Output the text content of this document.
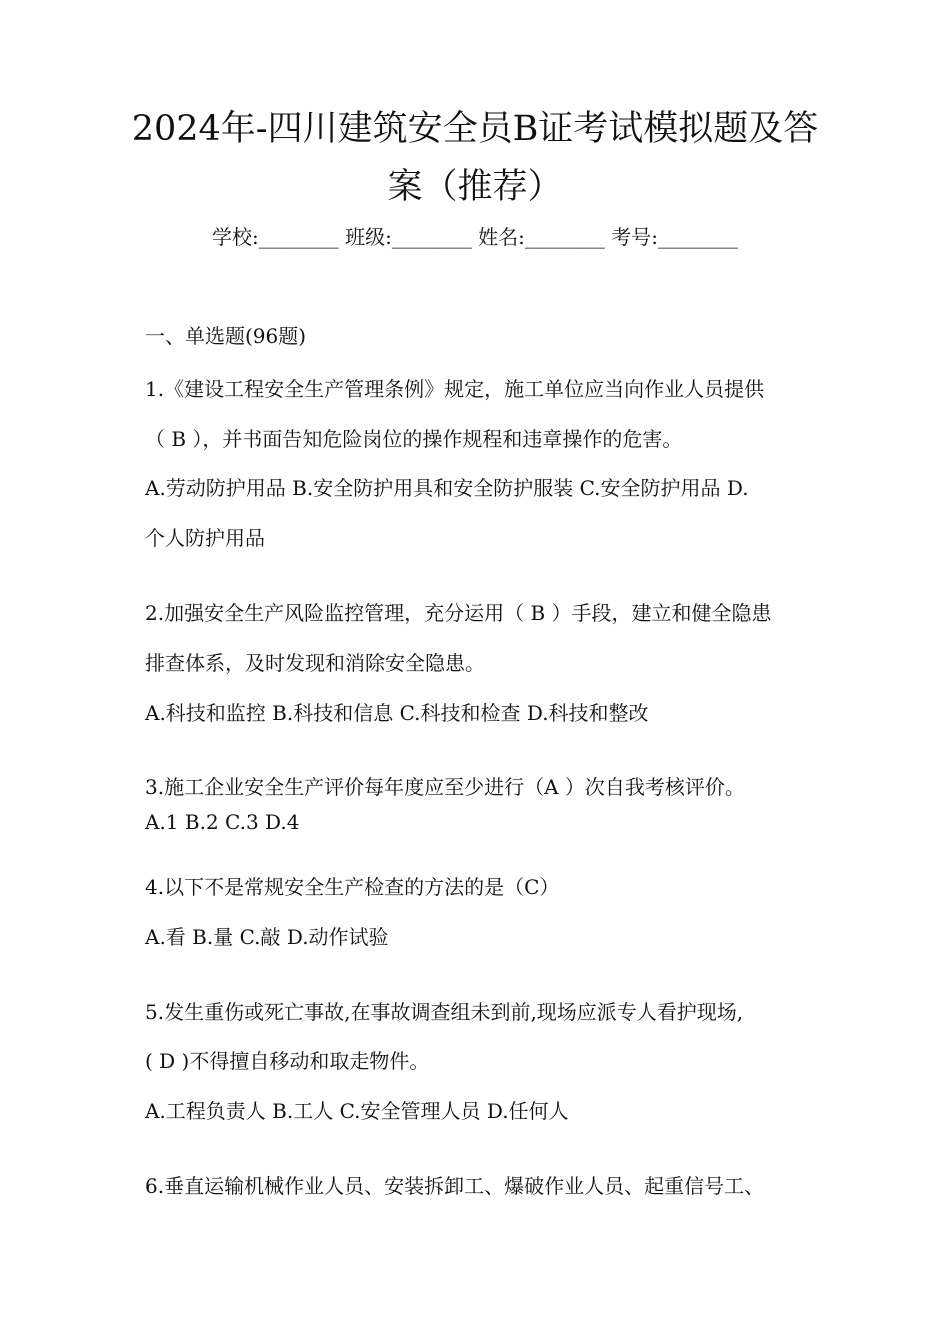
2024年-四川建筑安全员B证考试模拟题及答案（推荐）
学校:________ 班级:________ 姓名:________ 考号:________
一、单选题(96题)
1.《建设工程安全生产管理条例》规定，施工单位应当向作业人员提供
（ B ），并书面告知危险岗位的操作规程和违章操作的危害。
A.劳动防护用品 B.安全防护用具和安全防护服装 C.安全防护用品 D.
个人防护用品
2.加强安全生产风险监控管理，充分运用（ B ）手段，建立和健全隐患
排查体系，及时发现和消除安全隐患。
A.科技和监控 B.科技和信息 C.科技和检查 D.科技和整改
3.施工企业安全生产评价每年度应至少进行（A ）次自我考核评价。
A.1 B.2 C.3 D.4
4.以下不是常规安全生产检查的方法的是（C）
A.看 B.量 C.敲 D.动作试验
5.发生重伤或死亡事故,在事故调查组未到前,现场应派专人看护现场,
( D )不得擅自移动和取走物件。
A.工程负责人 B.工人 C.安全管理人员 D.任何人
6.垂直运输机械作业人员、安装拆卸工、爆破作业人员、起重信号工、
